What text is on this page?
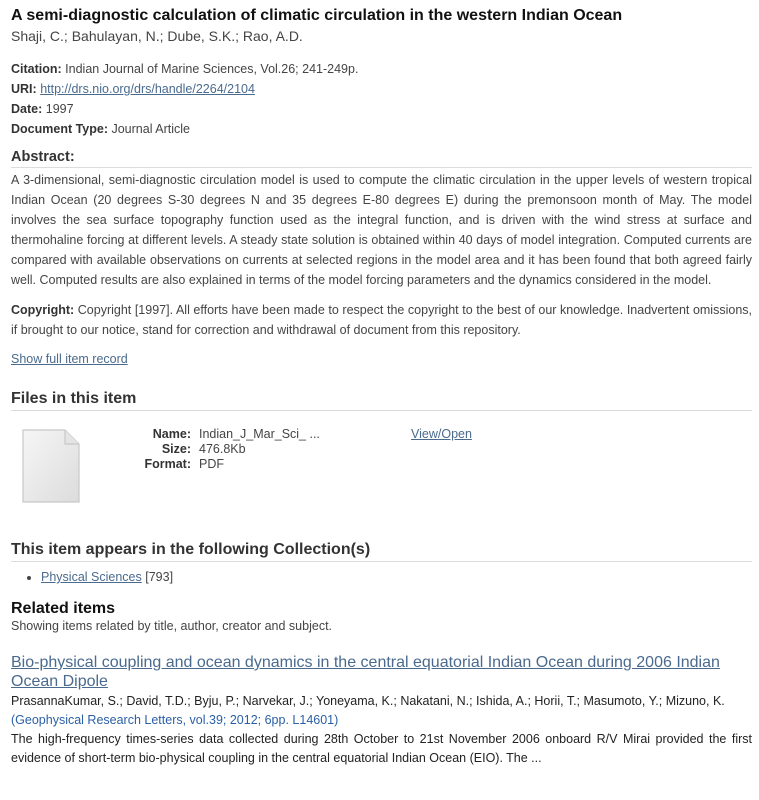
A semi-diagnostic calculation of climatic circulation in the western Indian Ocean
Shaji, C.; Bahulayan, N.; Dube, S.K.; Rao, A.D.
Citation: Indian Journal of Marine Sciences, Vol.26; 241-249p.
URI: http://drs.nio.org/drs/handle/2264/2104
Date: 1997
Document Type: Journal Article
Abstract:
A 3-dimensional, semi-diagnostic circulation model is used to compute the climatic circulation in the upper levels of western tropical Indian Ocean (20 degrees S-30 degrees N and 35 degrees E-80 degrees E) during the premonsoon month of May. The model involves the sea surface topography function used as the integral function, and is driven with the wind stress at surface and thermohaline forcing at different levels. A steady state solution is obtained within 40 days of model integration. Computed currents are compared with available observations on currents at selected regions in the model area and it has been found that both agreed fairly well. Computed results are also explained in terms of the model forcing parameters and the dynamics considered in the model.
Copyright: Copyright [1997]. All efforts have been made to respect the copyright to the best of our knowledge. Inadvertent omissions, if brought to our notice, stand for correction and withdrawal of document from this repository.
Show full item record
Files in this item
Name:
Size:
Format:
Indian_J_Mar_Sci_ ...
476.8Kb
PDF
View/Open
This item appears in the following Collection(s)
• Physical Sciences [793]
Related items
Showing items related by title, author, creator and subject.
Bio-physical coupling and ocean dynamics in the central equatorial Indian Ocean during 2006 Indian Ocean Dipole
PrasannaKumar, S.; David, T.D.; Byju, P.; Narvekar, J.; Yoneyama, K.; Nakatani, N.; Ishida, A.; Horii, T.; Masumoto, Y.; Mizuno, K. (Geophysical Research Letters, vol.39; 2012; 6pp. L14601)
The high-frequency times-series data collected during 28th October to 21st November 2006 onboard R/V Mirai provided the first evidence of short-term bio-physical coupling in the central equatorial Indian Ocean (EIO). The ...
